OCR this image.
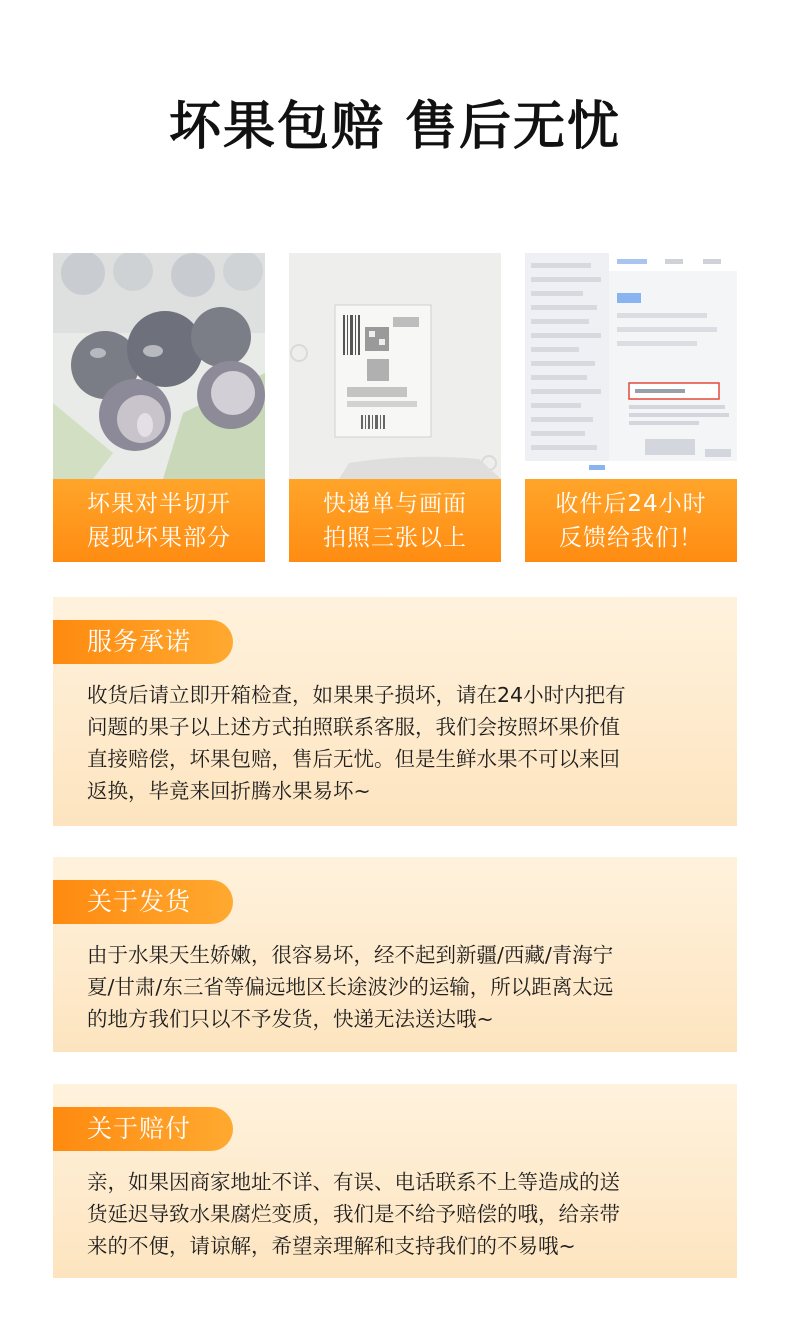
坏果包赔 售后无忧
坏果对半切开
展现坏果部分
快递单与画面
拍照三张以上
收件后24小时
反馈给我们！
服务承诺
收货后请立即开箱检查，如果果子损坏，请在24小时内把有
问题的果子以上述方式拍照联系客服，我们会按照坏果价值
直接赔偿，坏果包赔，售后无忧。但是生鲜水果不可以来回
返换，毕竟来回折腾水果易坏~
关于发货
由于水果天生娇嫩，很容易坏，经不起到新疆/西藏/青海宁
夏/甘肃/东三省等偏远地区长途波沙的运输，所以距离太远
的地方我们只以不予发货，快递无法送达哦~
关于赔付
亲，如果因商家地址不详、有误、电话联系不上等造成的送
货延迟导致水果腐烂变质，我们是不给予赔偿的哦，给亲带
来的不便，请谅解，希望亲理解和支持我们的不易哦~
